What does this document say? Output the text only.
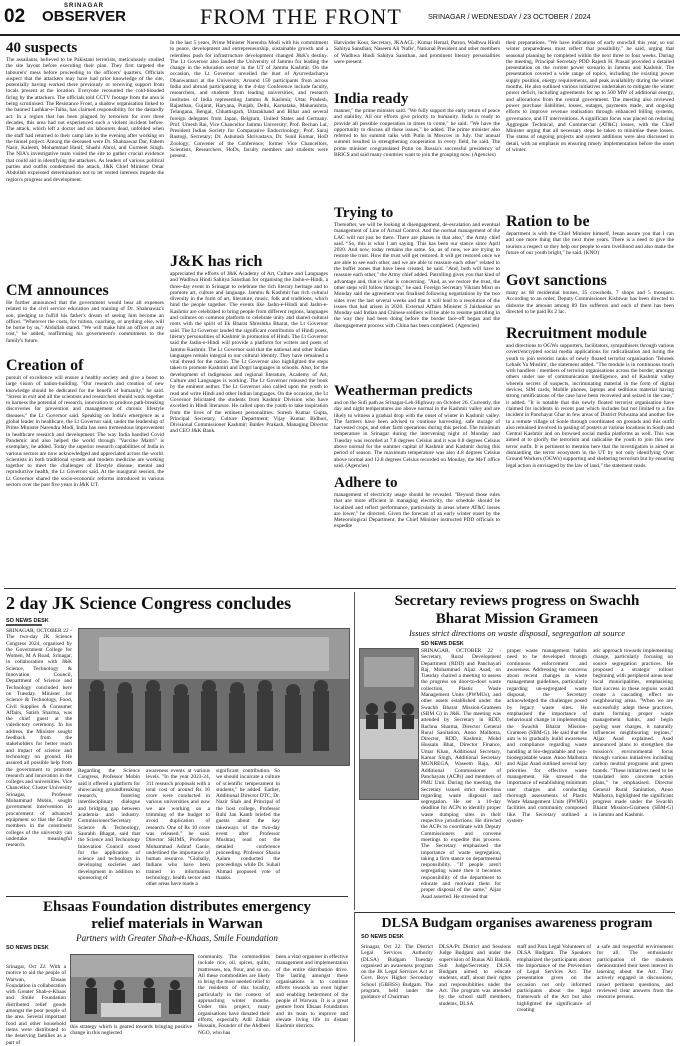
02	SRINAGAR
OBSERVER	FROM THE FRONT	SRINAGAR / WEDNESDAY / 23 OCTOBER / 2024
40 suspects
The assailants, believed to be Pakistani terrorists, meticulously studied the site layout before executing their plan. They first targeted the labourers' mess before proceeding to the officers' quarters. Officials suspect that the attackers may have had prior knowledge of the site, potentially having worked there previously or receiving support from locals present at the location. Everyone recounted the cold-blooded firing by the attackers. The officials told CCTV footage from the area is being scrutinised. The Resistance Front, a shadow organisation linked to the banned Lashkar-e-Taiba, has claimed responsibility for the dastardly act. In a region that has been plagued by terrorism for over three decades, this area had not experienced such a violent incident before. The attack, which left a doctor and six labourers dead, unfolded when the staff had returned to their camp late in the evening after working on the tunnel project. Among the deceased were Dr. Shahnawaz Dar, Fahem Nasir, Kaleem, Mohammad Hanif, Shashi Abrol, and Gurmeet Singh. The NIA's investigative team visited the site to gather crucial evidence that could aid in identifying the attackers. As leaders of various political parties and outfits condemned the attack, J&K Chief Minister Omar Abdullah expressed determination not to let vested interests impede the region's progress and development.
CM announces
He further announced that the government would bear all expenses related to the civil service education and training of Dr. Shahnawaz's son, pledging to fulfill his father's dream of seeing him become an officer. "Wherever the costs, for tuition, coaching, or anything else, will be borne by us," Abdullah stated. "We will make him an officer at any cost," he added, reaffirming his government's commitment to the family's future.
Creation of
pursuit of excellence will ensure a healthy society and give a boost to large vision of nation-building. "Our research and creation of new knowledge should be dedicated for the benefit of humanity," he said. "Stress in exit and all the scientists and researchers should work together to harness the potential of research, innovation to produce path-breaking discoveries for prevention and management of chronic lifestyle diseases," the Lt Governor said. Speaking on India's emergence as a global leader in healthcare, the Lt Governor said, under the leadership of Prime Minister Narendra Modi, India has seen tremendous improvement in healthcare research and development. The way India handled Covid Pandemic and also helped the world through "Vaccine Maitri" is exemplary, he added. Today the superior research capabilities of India in various sectors are now acknowledged and appreciated across the world. Scientists in both traditional system and modern medicine are working together to meet the challenges of lifestyle disease, mental and reproductive health, the Lt Governor said. At the inaugural session, the Lt Governor shared the socio-economic reforms introduced in various sectors over the past five years in J&K UT.
In the last 5 years, Prime Minister Narendra Modi with his commitment to peace, development and entrepreneurship, sustainable growth and a relentless push for infrastructure development changed J&K's destiny. The Lt Governor also lauded the University of Jammu for leading the change in the education sector in the UT of Jammu Kashmir. On the occasion, the Lt Governor unveiled the bust of Ayurvedacharya Dhanwantari at the University. Around 150 participants from across India and abroad participating in the 4-day Conference include faculty, researchers, and students from leading universities, and research institutes of India representing Jammu & Kashmir, Uttar Pradesh, Rajasthan, Gujarat, Haryana, Punjab, Delhi, Karnataka, Maharashtra, Telangana, Bengal, Chhattisgarh, Uttarakhand and Bihar and several foreign delegates from Japan, Belgium, United States and Germany. Prof. Umesh Rai, Vice Chancellor Jammu University; Prof. Bechan Lal, President Indian Society for Comparative Endocrinology; Prof. Suraj Rastogi, Secretary; Dr. Ashutosh Shrivastava, Dr. Sunil Kumar, HoD Zoology; Convener of the Conference; former Vice Chancellors, Scientists, Researchers, HoDs, faculty members and students were present.
J&K has rich
appreciated the efforts of J&K Academy of Art, Culture and Languages and Wadhwa Hindi Sahitya Sansthan for organising the Jashn-e-Hindi, a three-day event in Srinagar to celebrate the rich literary heritage and to promote art, culture and language. Jammu & Kashmir has rich cultural diversity in the form of art, literature, music, folk and traditions, which bind the people together. The events like Jashn-e-Hindi and Jashn-e-Kashmir are celebrated to bring people from different regions, languages and cultures on common platform to celebrate unity and shared cultural roots with the spirit of Ek Bharat Shreshtha Bharat, the Lt Governor said. The Lt Governor lauded the significant contribution of Hindi poets, literary personalities of Kashmir in promotion of Hindi. The Lt Governor said the Jashn-e-Hindi will provide a platform for writers and poets of Jammu Kashmir. The Lt Governor said that the national and other Indian languages remain integral to our cultural identity. They have remained a vital thread for the nation. The Lt Governor also highlighted the steps taken to promote Kashmiri and Dogri languages in schools. Also, for the development of indigenous and regional literature, Academy of Art, Culture and Languages is working. The Lt Governor released the book by the eminent author. The Lt Governor also called upon the youth to read and write Hindi and other Indian languages. On the occasion, the Lt Governor felicitated the students from Kashmir Division who have excelled in Hindi literature. He called upon the youth to take inspiration from the lives of the eminent personalities. Suresh Kumar Gupta, Principal Secretary, Culture Department; Vijay Kumar Bidhuri, Divisional Commissioner Kashmir; Baldev Prakash, Managing Director and CEO J&K Bank.
Harvinder Kour, Secretary, JKAACL; Kumar Hemal, Patron, Wadhwa Hindi Sahitya Sansthan; Naseem Ali 'Nafis', National President and other members of Wadhwa Hindi Sahitya Sansthan, and prominent literary personalities were present.
India ready
manner," the prime minister said. "We fully support the early return of peace and stability. All our efforts give priority to humanity. India is ready to provide all possible cooperation in times to come," he said. "We have the opportunity to discuss all these issues," he added. The prime minister also referred to his summit talks with Putin in Moscow in July. Our annual summit resulted in strengthening cooperation in every field, he said. The prime minister congratulated Putin on Russia's successful presidency of BRICS and said many countries want to join the grouping now. (Agencies)
Trying to
Thereafter, we will be looking at disengagement, de-escalation and eventual management of Line of Actual Control. And the normal management of the LAC will not just be there. There are phases in that also," the Army chief said. "So, this is what I am saying. This has been our stance since April 2020. And now, today remains the same. So, as of now, we are trying to restore the trust. How the trust will get restored. It will get restored once we are able to see each other, and we are able to reassure each other" related to the buffer zones that have been created, he said. "And, both will have to reassure each other," the Army chief added. Patrolling gives you that kind of advantage and, that is what is concerning. "And, as we restore the trust, the other steps will follow through," he said. Foreign Secretary Vikram Misri on Monday said the agreement was finalised following negotiations by the two sides over the last several weeks and that it will lead to a resolution of the issues that had arisen in 2020. External Affairs Minister S Jaishankar on Monday said Indian and Chinese soldiers will be able to resume patrolling in the way they had been doing before the border face-off began and the disengagement process with China has been completed. (Agencies)
Weatherman predicts
and on the Sufi path as Srinagar-Leh-Highway on October 26. Currently, the day and night temperatures are above normal in the Kashmir valley and are likely to witness a gradual drop with the onset of winter in Kashmir valley. The farmers have been advised to continue harvesting, safe storage of harvested crops, and other farm operations during this period. The minimum temperature in Srinagar during the intervening night of Monday and Tuesday was recorded at 7.8 degrees Celsius and it was 0.8 degrees Celsius above normal for the summer capital of Kashmir and Kashmir during this period of season. The maximum temperature was also 4.8 degrees Celsius above normal and 12.8 degrees Celsius recorded on Monday, the MeT office said. (Agencies)
Adhere to
management of electricity usage should be revealed. "Beyond those rules that are more efficient in managing electricity, the schedule should be localized and reflect performance, particularly in areas where AT&C losses are lower," he directed. Given the forecast of an early winter onset by the Meteorological Department, the Chief Minister instructed PDD officials to expedite
their preparations. "We have indications of early snowfall this year, so our winter preparedness must reflect that possibility," he said, urging that seasonal planning be completed within the next three to four weeks. During the meeting, Principal Secretary PDD Rajesh H. Prasad provided a detailed presentation on the current power scenario in Jammu and Kashmir. The presentation covered a wide range of topics, including the existing power supply position, energy requirements, and peak availability during the winter months. He also outlined various initiatives undertaken to mitigate the winter power deficit, including agreements for up to 500 MW of additional energy, and allocations from the central government. The meeting also reviewed power purchase liabilities, losses, outages, payments made, and ongoing efforts to improve revenue realisation through enhanced billing systems, governance, and IT interventions. A significant focus was placed on reducing Aggregate Technical, and Commercial (AT&C) losses, with the Chief Minister urging that all necessary steps be taken to minimise these losses. The status of ongoing projects and system additions were also discussed in detail, with an emphasis on ensuring timely implementation before the onset of winter.
Ration to be
department is with the Chief Minister himself, Jenan assure you that I can add one more thing that the next three years. There is a need to give the tourists a respect so they help our people to earn livelihood and also make the future of our youth bright," he said. (KNO)
Govt sanctions
many as 68 residential houses, 35 cowsheds, 7 shops and 5 mosques. According to an order, Deputy Commissioner Kishtwar has been directed to disburse the amount among 89 fire sufferers and each of them has been directed to be paid Rs 2 lac.
Recruitment module
and directions to OGWs supporters, facilitators, sympathisers through various covert/encrypted social media applications for radicalisation and luring the youth to join terrorist ranks of newly floated terrorist organisation 'Tehreek Lebaik Ya Muslim', the statement added. "The module is in continuous touch with handlers / members of terrorist organisations across the border, amongst others under use of communication intelligence, and of Kashmir valley wherein secrets of suspects, incriminating material in the form of digital devices, SIM cards, Mobile phones, laptops and seditious material having strong ramifications of the case have been recovered and seized in the case," it added. "It is notable that this newly floated terrorist organisation have claimed for incidents in recent past which includes but not limited to a fire incident in Panchayat Ghar in few areas of District Pulwama and another fire in a remote village of Sonle through coordinated on grounds and this outfit also remained involved in pasting of posters at various locations in South and Central Kashmir and on browsed social media platforms as well. This was aimed at to glorify the terrorism and radicalise the youth to join this new terror outfit. It is pertinent to mention here that the investigation is aimed at dismantling the terror ecosystem in the UT by not only identifying Over Ground Workers (OGWs) supporting and sheltering terrorism but by ensuring legal action is envisaged by the law of land," the statement reads.
2 day JK Science Congress concludes
SO NEWS DESK
SRINAGAR, OCTOBER 22 - The two-day JK Science Congress 2024, organised by the Government College for Women, M A Road, Srinagar, in collaboration with J&K Science, Technology & Innovation Council, Department of Science and Technology concluded here on Tuesday. Minister for Science & Technology, Food, Civil Supplies & Consumer Affairs, Satish Sharma, was the chief guest at the valedictory ceremony. In his address, the Minister sought feedback from the stakeholders for better reach and impact of science and technology on ground. He assured all possible help from the government to promote research and innovation in the colleges and universities. Vice Chancellor, Cluster University Srinagar, Professor Mohammad Mobin, sought government intervention in procurement of advanced equipment so that the faculty members in the constituent colleges of the university can undertake meaningful research.
Regarding the Science Congress, Professor Mobin said it offered a platform for showcasing groundbreaking research, fostering interdisciplinary dialogue and bridging gap between academia and industry. Commissioner/Secretary Science & Technology, Saurabh Bhagat, said that the Science and Technology Innovation Council stood for the application of science and technology in developing societies and development in addition to sponsoring of
awareness events at various levels. "In the year 2023-24, 311 research proposals with a total cost of around Rs 16 crore were conducted in various universities and now we are working on a trimming of the budget to avoid duplication of research. One of Rs 10 crore was released," he said. Director SKIMS, Professor Mohammad Ashraf Ganie, underlined the importance of human resource. "Globally, Indians who have been trained in information technology, health sector and other areas have made a
significant contribution. So we should inculcate a culture of scientific temperament in students," he added. Earlier, Additional Director DTC, Dr. Nazir Shah and Principal of the host college, Professor Ruhi Jan Kanth briefed the guests about the key takeaways of the two-day event after Professor Mushtaq read out the detailed conference proceeding. Professor Shazia Aalam conducted the proceedings while Dr. Suhail Ahmad proposed vote of thanks.
Secretary reviews progress on Swachh
Bharat Mission Grameen
Issues strict directions on waste disposal, segregation at source
SO NEWS DESK
SRINAGAR, OCTOBER 22 - Secretary, Rural Development Department (RDD) and Panchayati Raj, Mohammad Aijaz Asad, on Tuesday chaired a meeting to assess the progress on door-to-door waste collection, Plastic Waste Management Units (PWMUs), and other assets established under the Swachh Bharat Mission-Grameen (SBM G) in J&K. The meeting was attended by Secretary in RDD, Rachna Sharma, Director General Rural Sanitation, Anoo Malhotra, Director, RDD, Kashmir, Mohd Hussain Bhat, Director Finance, Umar Khan, Additional Secretary, Kamar Singh, Additional Secretary MGNREGA, Waseem Raja, All Additional Commissioner of Panchayats (ACPs) and members of PMU Unit. During the meeting, the Secretary issued strict directions regarding waste disposal and segregation. He set a 10-day deadline for ACPs to identify proper waste dumping sites in their respective jurisdictions. He directed the ACPs to coordinate with Deputy Commissioners and convene meetings to expedite this process. The Secretary emphasised the importance of waste segregation, taking a firm stance on departmental responsibility. "If people aren't segregating waste then it becomes responsibility of the department to educate and motivate them for proper disposal of the same," Aijaz Asad asserted. He stressed that
proper waste management habits need to be developed through continuous enforcement and awareness. Addressing the concerns about recent changes in waste management guidelines, particularly regarding un-segregated waste disposal, the Secretary acknowledged the challenges posed by legacy waste sites. He emphasised the importance of behavioural change in implementing the Swachh Bharat Mission-Grameen (SBM-G). He said that the aim is to gradually build awareness and compliance regarding waste handling at bio-degradable and non-biodegradable waste. Anoo Malhotra and Aijaz Asad outlined several key priorities for effective waste management. He stressed the importance of establishing minimum user charges and conducting thorough assessments of Plastic Waste Management Units (PWMU) facilities and community composed like. The Secretary outlined a system-
atic approach towards implementing change, particularly focusing on source segregation practices. He proposed a strategic rollout beginning with peripheral areas near local municipalities, emphasising that success in these regions would create a cascading effect on neighbouring areas. "When we are successfully adopt these practices, starts forming proper waste management habits, and begin paying user charges, it naturally influences neighbouring regions," Aijaz Asad explained. Asad announced plans to strengthen the mission's environmental focus through various initiatives including carbon neutral programs and green brands. "These initiatives need to be translated into concrete action plans," he emphasised. Director General Rural Sanitation, Anoo Malhotra, highlighted the significant progress made under the Swachh Bharat Mission-Grameen (SBM-G) in Jammu and Kashmir.
Ehsaas Foundation distributes emergency
relief materials in Warwan
Partners with Greater Shah-e-Khaas, Smile Foundation
SO NEWS DESK
Srinagar, Oct 22: With a motive to aid the people of Warwan, Ehsaas Foundation in collaboration with Greater Shah-e-Khaas and Smile Foundation distributed relief goods amongst the poor people of the area. Several important food and other household items were distributed to the deserving families as a part of
this strategy which is geared towards bringing positive change in this neglected
community. The commodities include rice, oil, spices, quilts, mattresses, tea, flour, and so on. All these commodities are likely to bring the most needed relief to the residents of this locality, particularly in the context of approaching winter months. Under this project, many organisations have donated their efforts, especially Adil Zubair Hussain, Founder of the Ahdbeel NGO, who has
been a vital organiser in effective management and implementation of the entire distribution drive. The lasting amongst these organisations is to continue efforts towards an even higher and enabling betterment of the people of Warwan. It is a great gesture from Ehsaas Foundation and its team to improve and elevate living life in distant Kashmir districts.
DLSA Budgam organises awareness program
SO NEWS DESK
Srinagar, Oct 22: The District Legal Services Authority (DLSA) Budgam Tuesday organised an awareness program on the JK Legal Services Act at Govt. Boys Higher Secondary School (GBHSS) Budgam. The program, held under the guidance of Chairman
DLSA/Pr. District and Sessions Judge Budgam and under the supervision of Bunas Ali Bakshi, Sub Judge/Secretary DLSA Budgam aimed to educate students, staff, about their rights and responsibilities under the Act. The program was attended by the school staff members, students, DLSA
staff and Para Legal Volunteers of DLSA Budgam. The Speakers emphasized the participants about the importance of the Prevention of Legal Services Act. The presentation given on the occasion not only informed participants about the legal framework of the Act but also highlighted the significance of creating
a safe and respectful environment for all. The enthusiastic participation of the students demonstrated their keen interest in learning about the Act. They actively engaged in discussions, raised pertinent questions, and reviewed clear answers from the resource persons.
